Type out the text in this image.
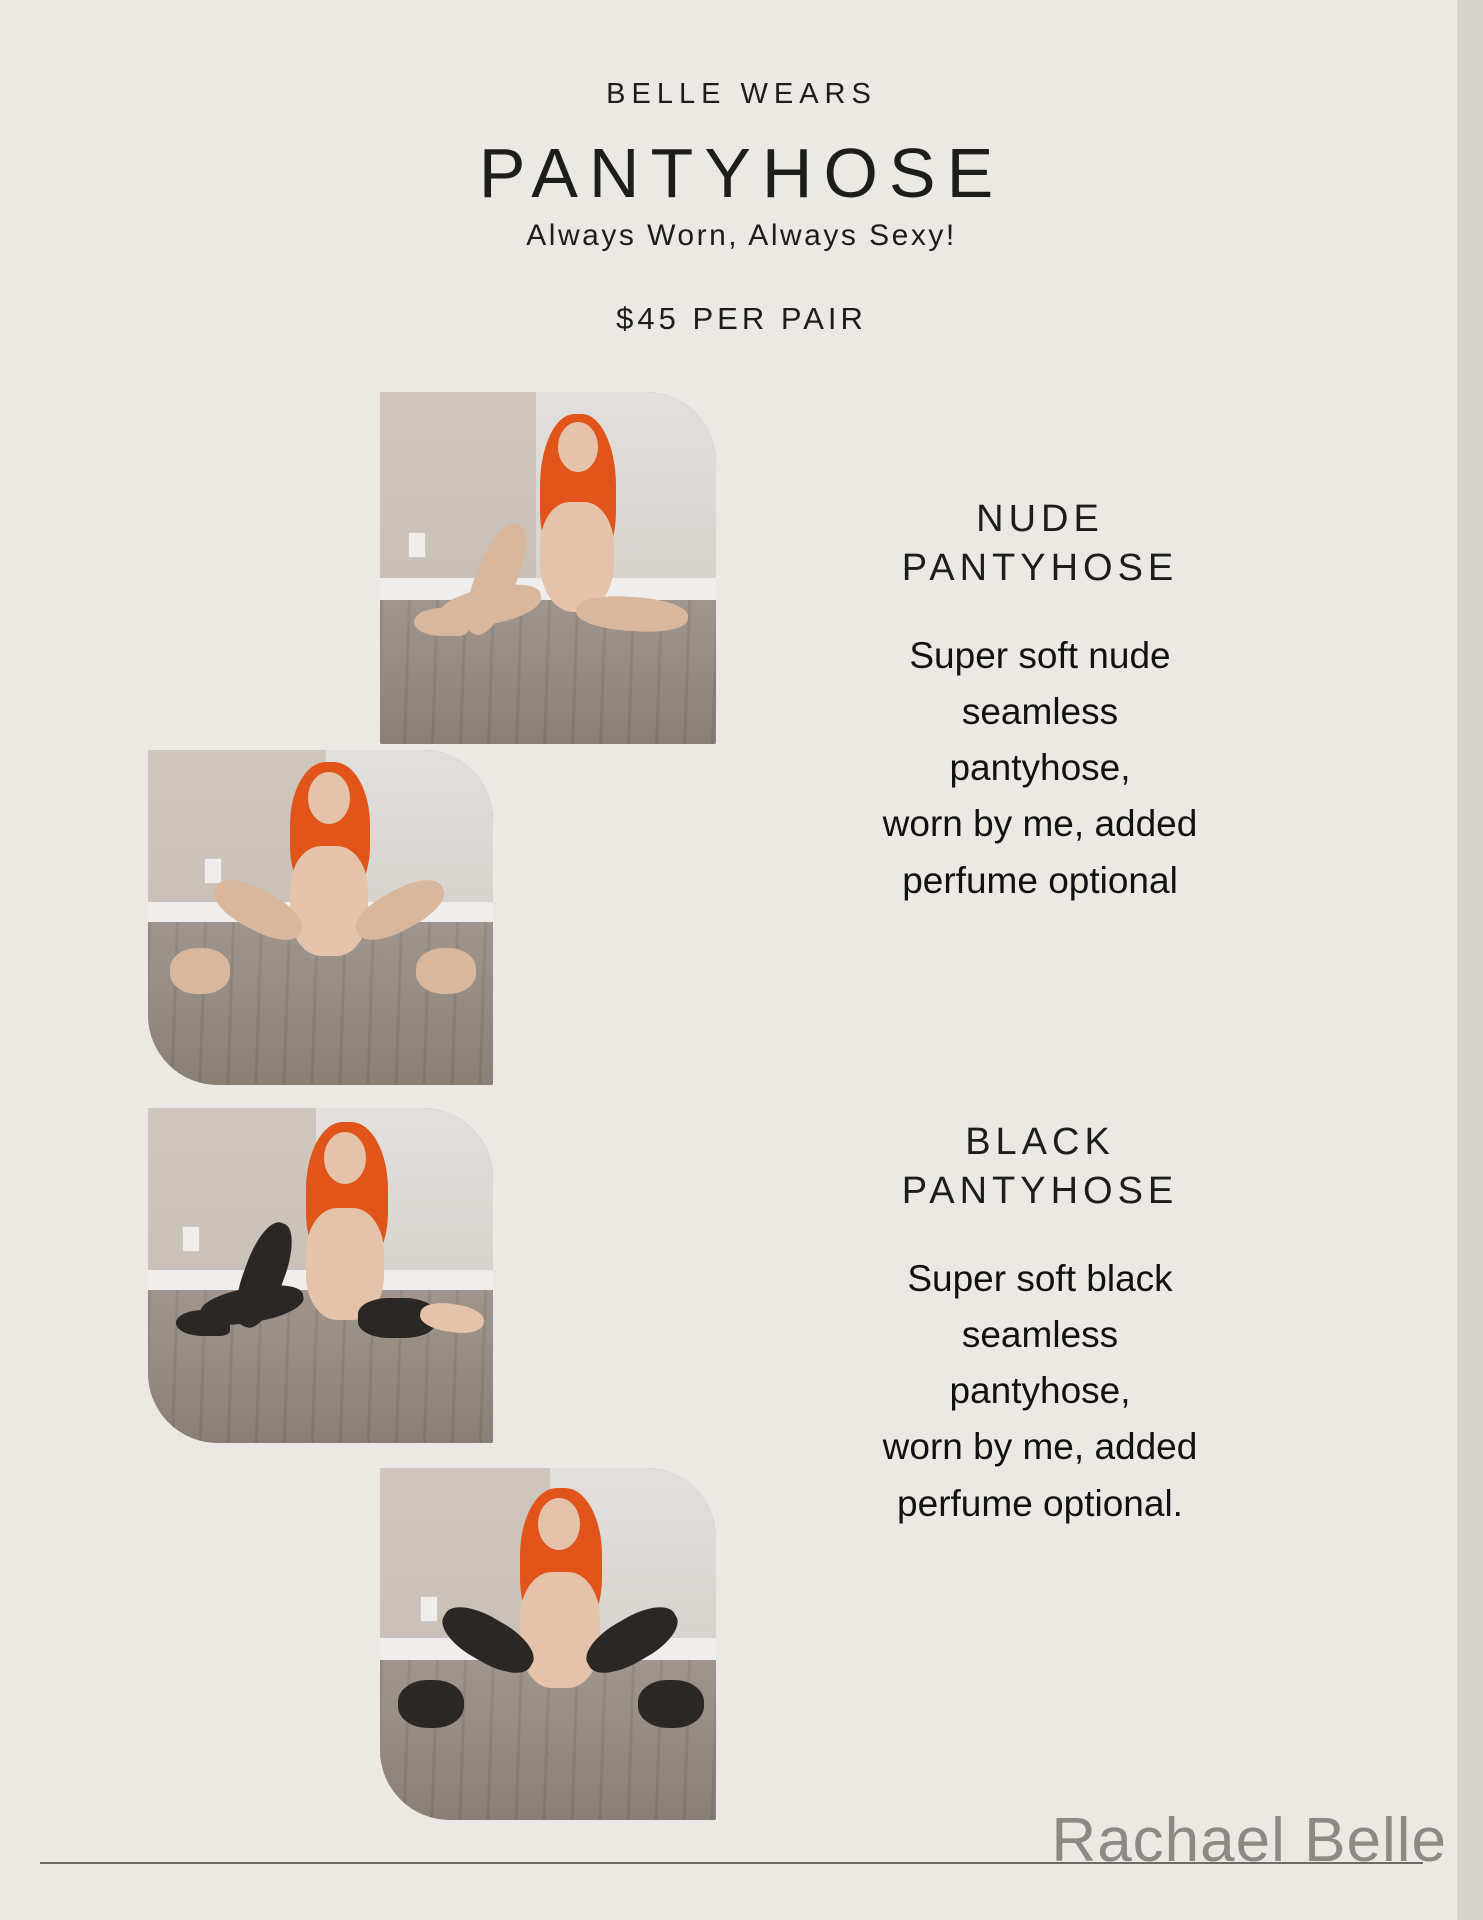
BELLE WEARS
PANTYHOSE
Always Worn, Always Sexy!
$45 PER PAIR
NUDE
PANTYHOSE
Super soft nude
seamless
pantyhose,
worn by me, added
perfume optional
BLACK
PANTYHOSE
Super soft black
seamless
pantyhose,
worn by me, added
perfume optional.
Rachael Belle
